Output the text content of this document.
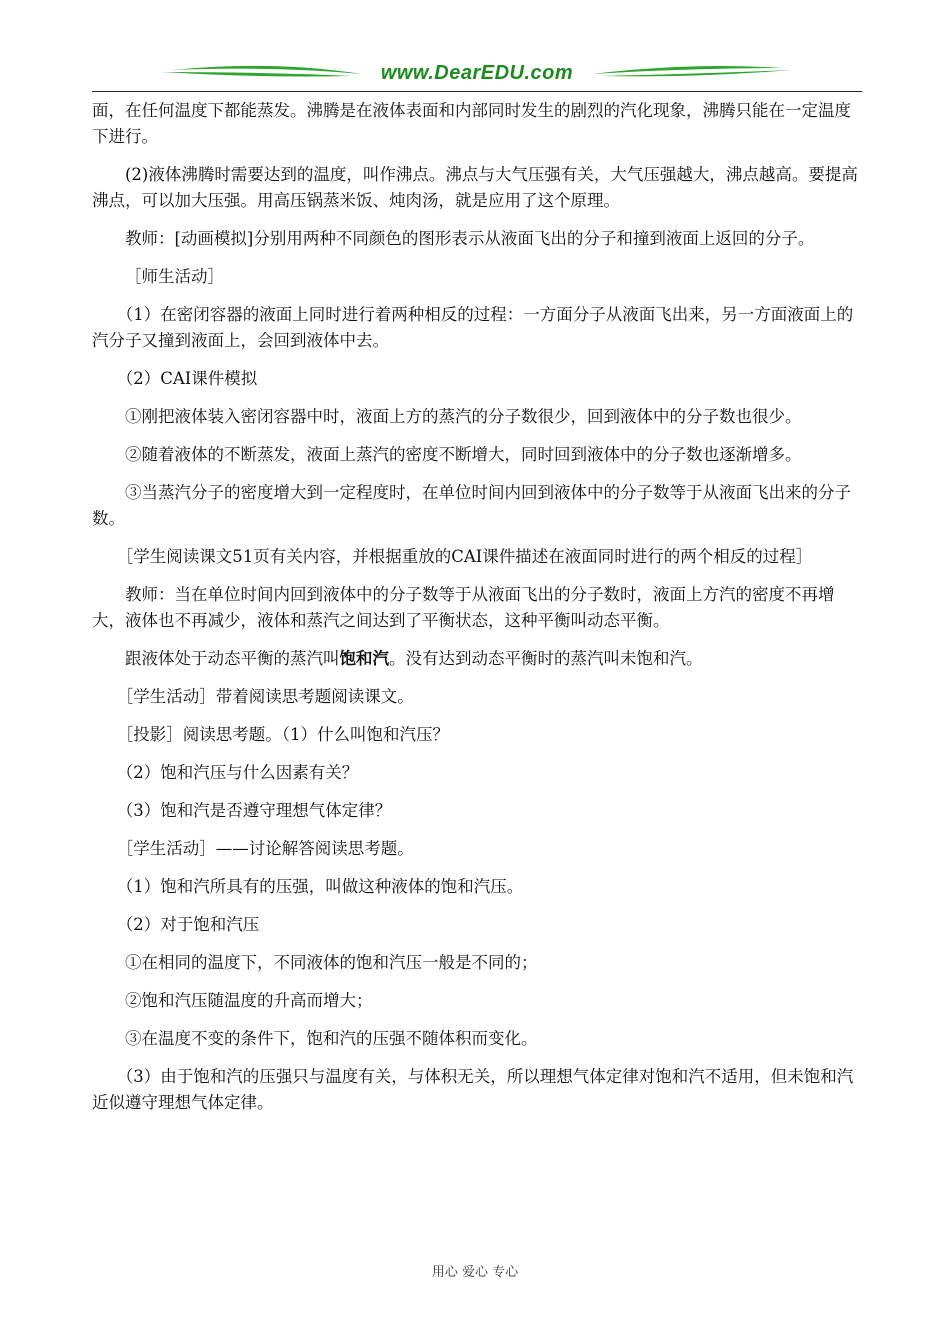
www.DearEDU.com

面，在任何温度下都能蒸发。沸腾是在液体表面和内部同时发生的剧烈的汽化现象，沸腾只能在一定温度下进行。

(2)液体沸腾时需要达到的温度，叫作沸点。沸点与大气压强有关，大气压强越大，沸点越高。要提高沸点，可以加大压强。用高压锅蒸米饭、炖肉汤，就是应用了这个原理。

教师：[动画模拟]分别用两种不同颜色的图形表示从液面飞出的分子和撞到液面上返回的分子。

［师生活动］

（1）在密闭容器的液面上同时进行着两种相反的过程：一方面分子从液面飞出来，另一方面液面上的汽分子又撞到液面上，会回到液体中去。

（2）CAI课件模拟

①刚把液体装入密闭容器中时，液面上方的蒸汽的分子数很少，回到液体中的分子数也很少。

②随着液体的不断蒸发，液面上蒸汽的密度不断增大，同时回到液体中的分子数也逐渐增多。

③当蒸汽分子的密度增大到一定程度时，在单位时间内回到液体中的分子数等于从液面飞出来的分子数。

［学生阅读课文51页有关内容，并根据重放的CAI课件描述在液面同时进行的两个相反的过程］

教师：当在单位时间内回到液体中的分子数等于从液面飞出的分子数时，液面上方汽的密度不再增大，液体也不再减少，液体和蒸汽之间达到了平衡状态，这种平衡叫动态平衡。

跟液体处于动态平衡的蒸汽叫饱和汽。没有达到动态平衡时的蒸汽叫未饱和汽。

［学生活动］带着阅读思考题阅读课文。

［投影］阅读思考题。（1）什么叫饱和汽压？

（2）饱和汽压与什么因素有关？

（3）饱和汽是否遵守理想气体定律？

［学生活动］——讨论解答阅读思考题。

（1）饱和汽所具有的压强，叫做这种液体的饱和汽压。

（2）对于饱和汽压

①在相同的温度下，不同液体的饱和汽压一般是不同的；

②饱和汽压随温度的升高而增大；

③在温度不变的条件下，饱和汽的压强不随体积而变化。

（3）由于饱和汽的压强只与温度有关，与体积无关，所以理想气体定律对饱和汽不适用，但未饱和汽近似遵守理想气体定律。

用心 爱心 专心
